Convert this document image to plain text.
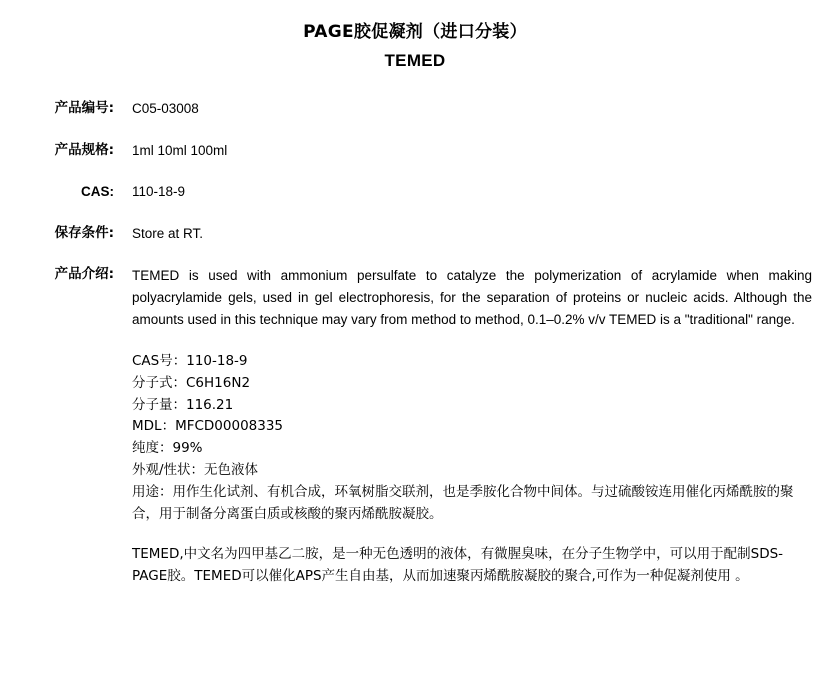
PAGE胶促凝剂（进口分装）
TEMED
产品编号:	C05-03008
产品规格:	1ml 10ml 100ml
CAS:	110-18-9
保存条件:	Store at RT.
产品介绍: TEMED is used with ammonium persulfate to catalyze the polymerization of acrylamide when making polyacrylamide gels, used in gel electrophoresis, for the separation of proteins or nucleic acids. Although the amounts used in this technique may vary from method to method, 0.1–0.2% v/v TEMED is a "traditional" range.

CAS号：110-18-9
分子式：C6H16N2
分子量：116.21
MDL：MFCD00008335
纯度：99%
外观/性状：无色液体

用途：用作生化试剂、有机合成，环氧树脂交联剂，也是季胺化合物中间体。与过硫酸铵连用催化丙烯酰胺的聚合，用于制备分离蛋白质或核酸的聚丙烯酰胺凝胶。

TEMED,中文名为四甲基乙二胺，是一种无色透明的液体，有微腥臭味，在分子生物学中，可以用于配制SDS-PAGE胶。TEMED可以催化APS产生自由基，从而加速聚丙烯酰胺凝胶的聚合,可作为一种促凝剂使用 。
